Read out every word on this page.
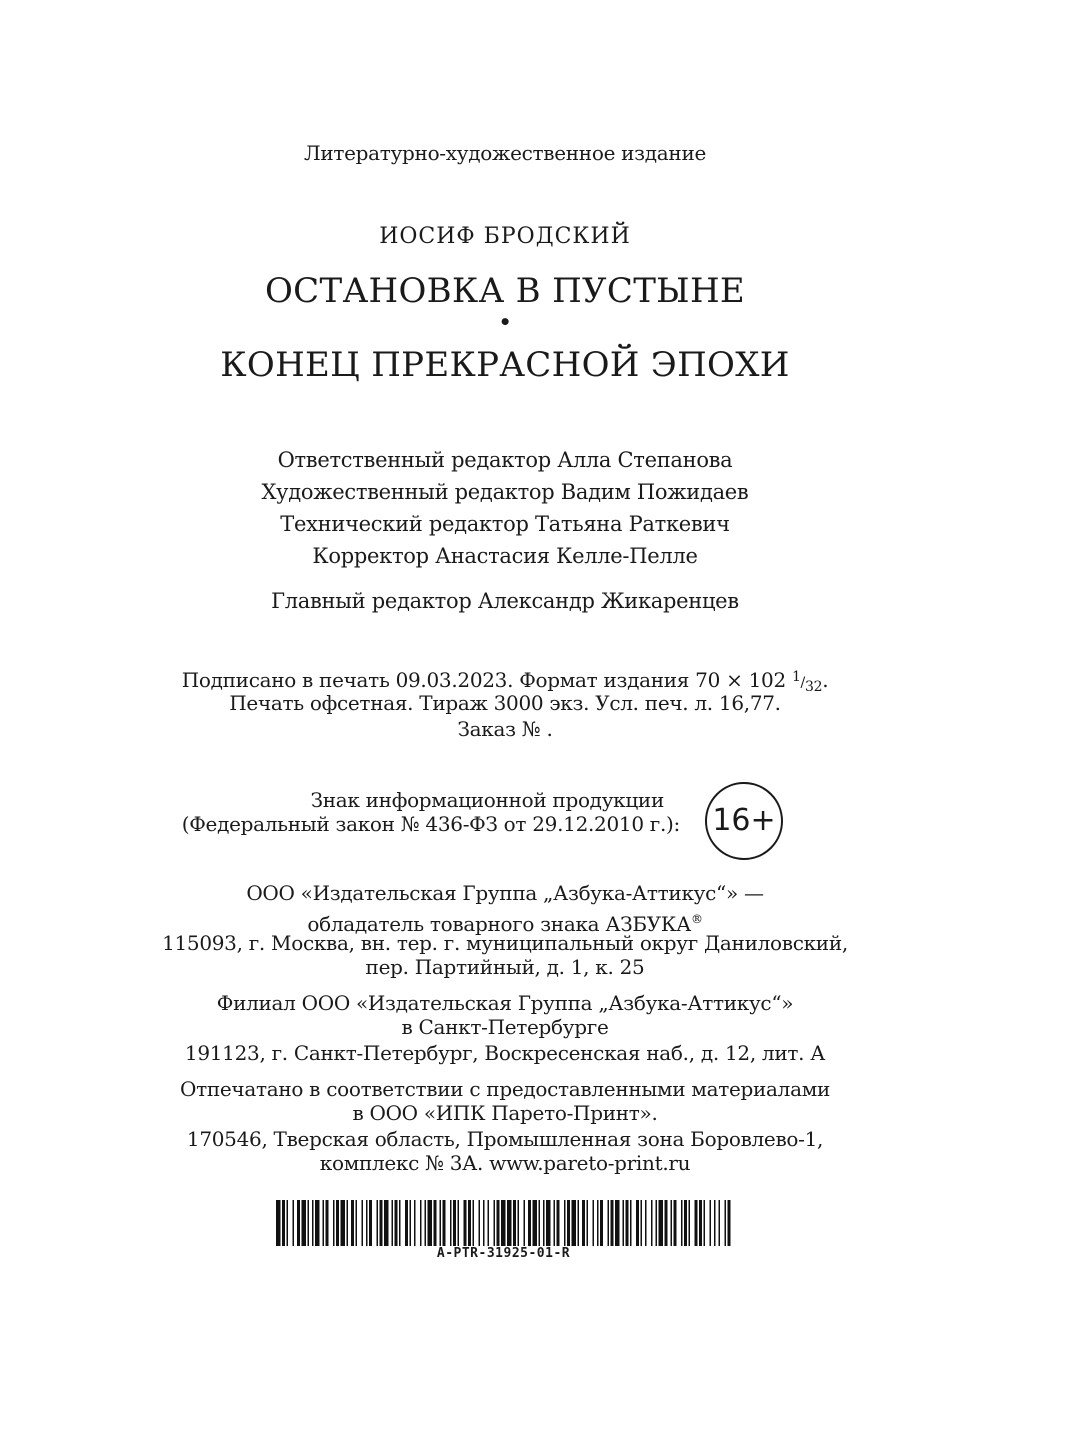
Литературно-художественное издание
ИОСИФ БРОДСКИЙ
ОСТАНОВКА В ПУСТЫНЕ
•
КОНЕЦ ПРЕКРАСНОЙ ЭПОХИ
Ответственный редактор Алла Степанова
Художественный редактор Вадим Пожидаев
Технический редактор Татьяна Раткевич
Корректор Анастасия Келле-Пелле
Главный редактор Александр Жикаренцев
Подписано в печать 09.03.2023. Формат издания 70 × 102 1/32.
Печать офсетная. Тираж 3000 экз. Усл. печ. л. 16,77.
Заказ № .
Знак информационной продукции
(Федеральный закон № 436-ФЗ от 29.12.2010 г.): 16+
ООО «Издательская Группа „Азбука-Аттикус“» —
обладатель товарного знака АЗБУКА®
115093, г. Москва, вн. тер. г. муниципальный округ Даниловский,
пер. Партийный, д. 1, к. 25
Филиал ООО «Издательская Группа „Азбука-Аттикус“»
в Санкт-Петербурге
191123, г. Санкт-Петербург, Воскресенская наб., д. 12, лит. А
Отпечатано в соответствии с предоставленными материалами
в ООО «ИПК Парето-Принт».
170546, Тверская область, Промышленная зона Боровлево-1,
комплекс № 3А. www.pareto-print.ru
A-PTR-31925-01-R
